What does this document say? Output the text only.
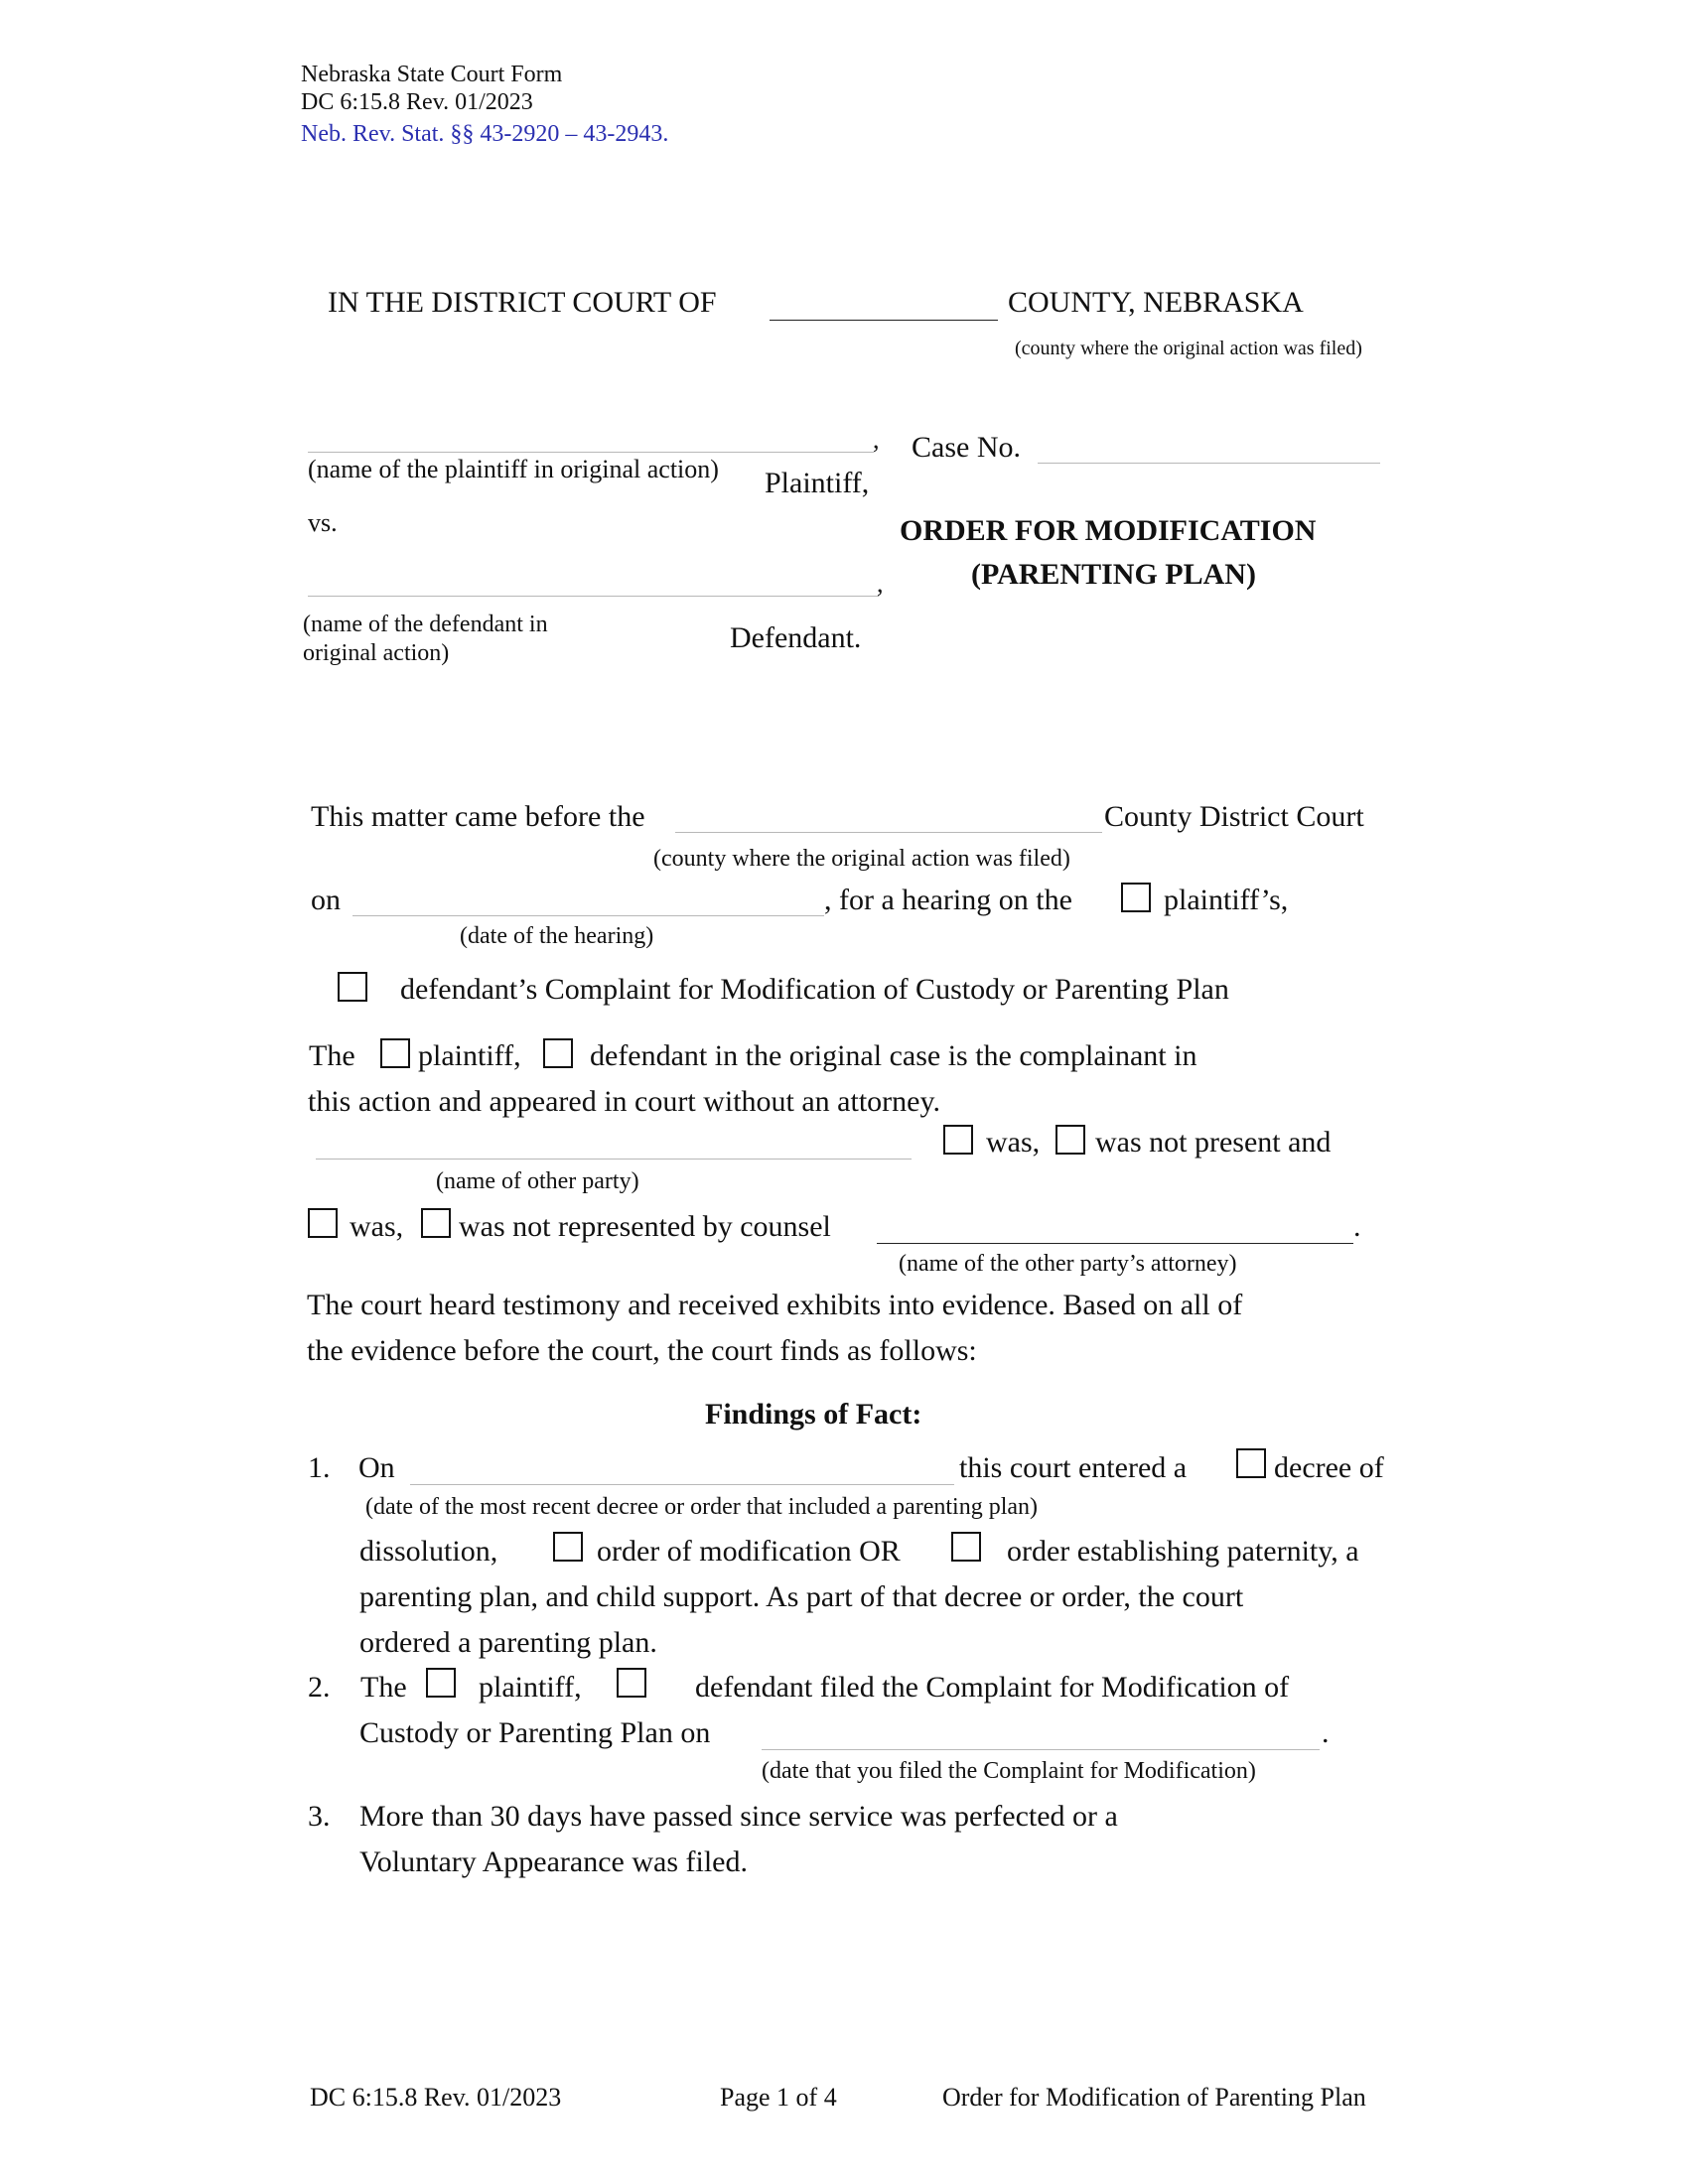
Nebraska State Court Form
DC 6:15.8 Rev. 01/2023
Neb. Rev. Stat. §§ 43-2920 – 43-2943.
IN THE DISTRICT COURT OF	COUNTY, NEBRASKA
(county where the original action was filed)
,
(name of the plaintiff in original action) Plaintiff,
vs.
Case No.
ORDER FOR MODIFICATION
(PARENTING PLAN)
,
(name of the defendant in
original action)	Defendant.
This matter came before the	County District Court
(county where the original action was filed)
on	, for a hearing on the	plaintiff’s,
(date of the hearing)
defendant’s Complaint for Modification of Custody or Parenting Plan
The plaintiff, defendant in the original case is the complainant in
this action and appeared in court without an attorney.
was, was not present and
(name of other party)
was, was not represented by counsel	.
(name of the other party’s attorney)
The court heard testimony and received exhibits into evidence. Based on all of
the evidence before the court, the court finds as follows:
Findings of Fact:
1. On	this court entered a	decree of
(date of the most recent decree or order that included a parenting plan)
dissolution,	order of modification OR	order establishing paternity, a
parenting plan, and child support. As part of that decree or order, the court
ordered a parenting plan.
2. The plaintiff,	defendant filed the Complaint for Modification of
Custody or Parenting Plan on	.
(date that you filed the Complaint for Modification)
3. More than 30 days have passed since service was perfected or a
Voluntary Appearance was filed.
DC 6:15.8 Rev. 01/2023	Page 1 of 4	Order for Modification of Parenting Plan
